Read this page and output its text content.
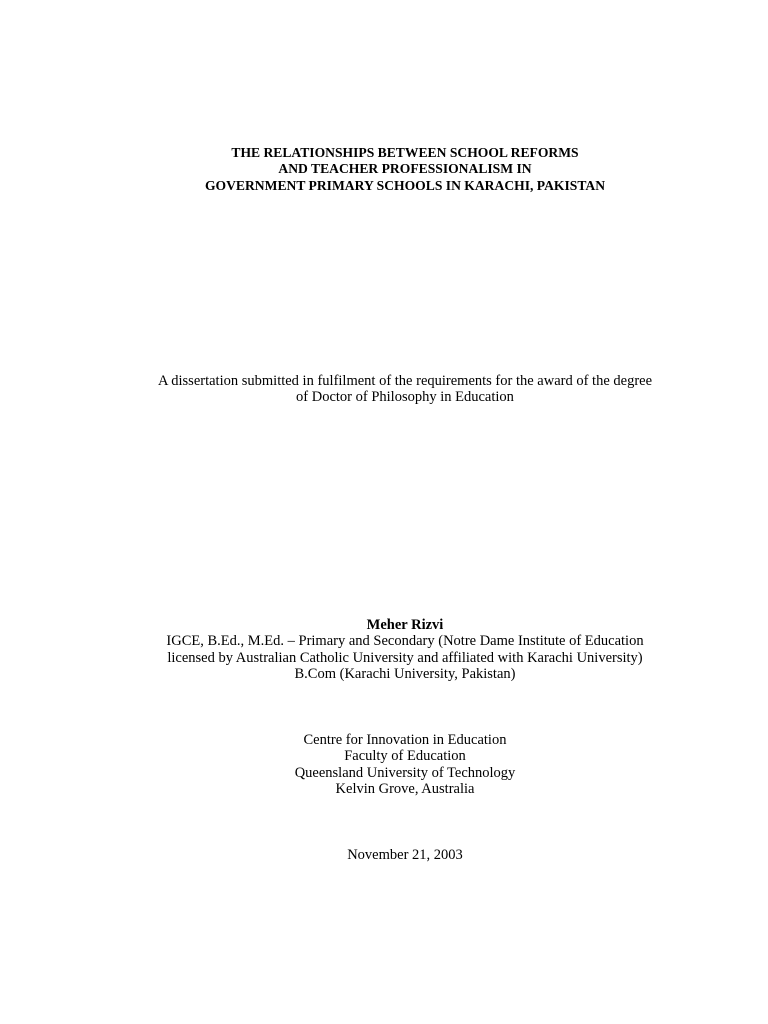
THE RELATIONSHIPS BETWEEN SCHOOL REFORMS
AND TEACHER PROFESSIONALISM IN
GOVERNMENT PRIMARY SCHOOLS IN KARACHI, PAKISTAN
A dissertation submitted in fulfilment of the requirements for the award of the degree
of Doctor of Philosophy in Education
Meher Rizvi
IGCE, B.Ed., M.Ed. – Primary and Secondary (Notre Dame Institute of Education
licensed by Australian Catholic University and affiliated with Karachi University)
B.Com (Karachi University, Pakistan)
Centre for Innovation in Education
Faculty of Education
Queensland University of Technology
Kelvin Grove, Australia
November 21, 2003
